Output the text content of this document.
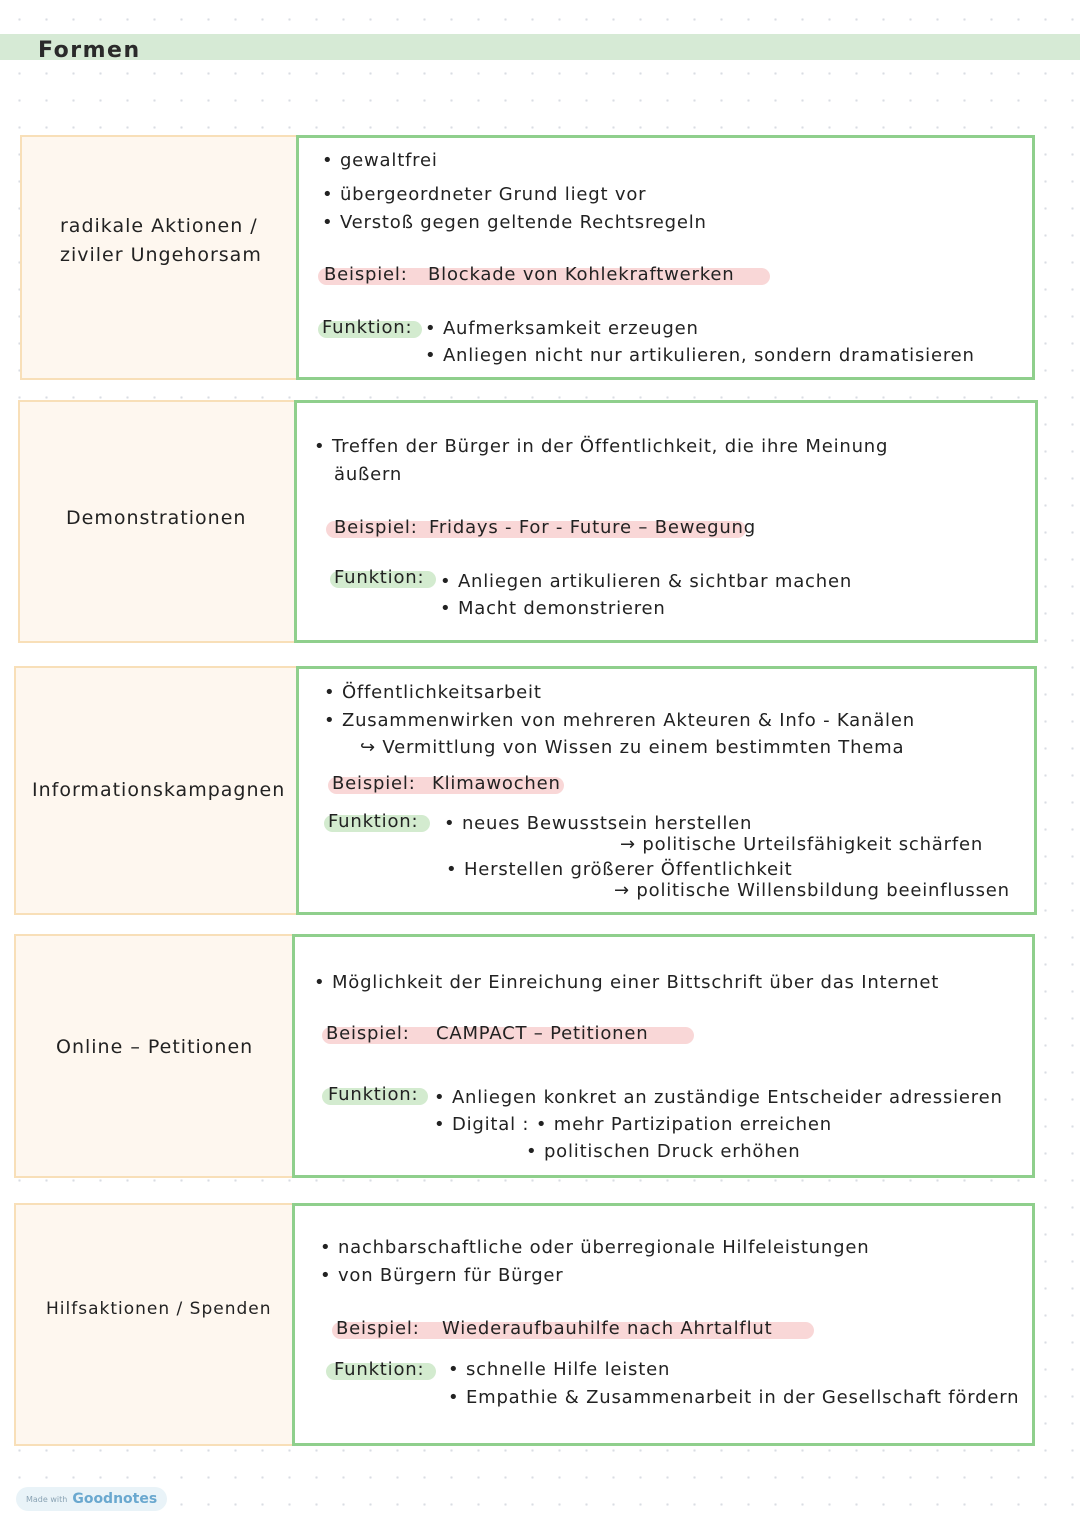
Formen
radikale Aktionen /
ziviler Ungehorsam
• gewaltfrei
• übergeordneter Grund liegt vor
• Verstoß gegen geltende Rechtsregeln
Beispiel: Blockade von Kohlekraftwerken
Funktion: • Aufmerksamkeit erzeugen
• Anliegen nicht nur artikulieren, sondern dramatisieren
Demonstrationen
• Treffen der Bürger in der Öffentlichkeit, die ihre Meinung
äußern
Beispiel: Fridays - For - Future – Bewegung
Funktion: • Anliegen artikulieren & sichtbar machen
• Macht demonstrieren
Informationskampagnen
• Öffentlichkeitsarbeit
• Zusammenwirken von mehreren Akteuren & Info - Kanälen
↪ Vermittlung von Wissen zu einem bestimmten Thema
Beispiel: Klimawochen
Funktion: • neues Bewusstsein herstellen
→ politische Urteilsfähigkeit schärfen
• Herstellen größerer Öffentlichkeit
→ politische Willensbildung beeinflussen
Online – Petitionen
• Möglichkeit der Einreichung einer Bittschrift über das Internet
Beispiel: CAMPACT – Petitionen
Funktion: • Anliegen konkret an zuständige Entscheider adressieren
• Digital : • mehr Partizipation erreichen
• politischen Druck erhöhen
Hilfsaktionen / Spenden
• nachbarschaftliche oder überregionale Hilfeleistungen
• von Bürgern für Bürger
Beispiel: Wiederaufbauhilfe nach Ahrtalflut
Funktion: • schnelle Hilfe leisten
• Empathie & Zusammenarbeit in der Gesellschaft fördern
Made with Goodnotes
